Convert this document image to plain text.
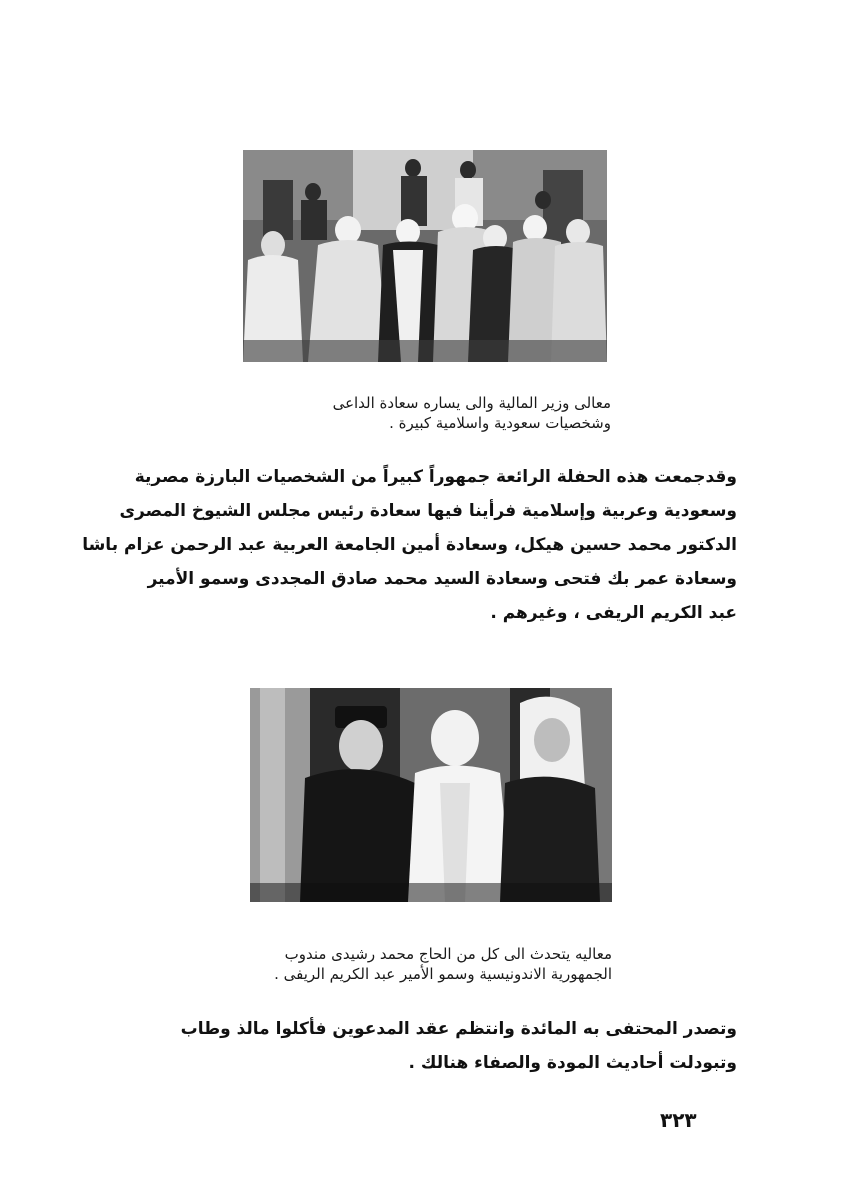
معالى وزير المالية والى يساره سعادة الداعى
وشخصيات سعودية واسلامية كبيرة .
وقدجمعت هذه الحفلة الرائعة جمهوراً كبيراً من الشخصيات البارزة مصرية
وسعودية وعربية وإسلامية فرأينا فيها سعادة رئيس مجلس الشيوخ المصرى
الدكتور محمد حسين هيكل، وسعادة أمين الجامعة العربية عبد الرحمن عزام باشا
وسعادة عمر بك فتحى وسعادة السيد محمد صادق المجددى وسمو الأمير
عبد الكريم الريفى ، وغيرهم .
معاليه يتحدث الى كل من الحاج محمد رشيدى مندوب
الجمهورية الاندونيسية وسمو الأمير عبد الكريم الريفى .
وتصدر المحتفى به المائدة وانتظم عقد المدعوين فأكلوا مالذ وطاب
وتبودلت أحاديث المودة والصفاء هنالك .
٣٢٣
